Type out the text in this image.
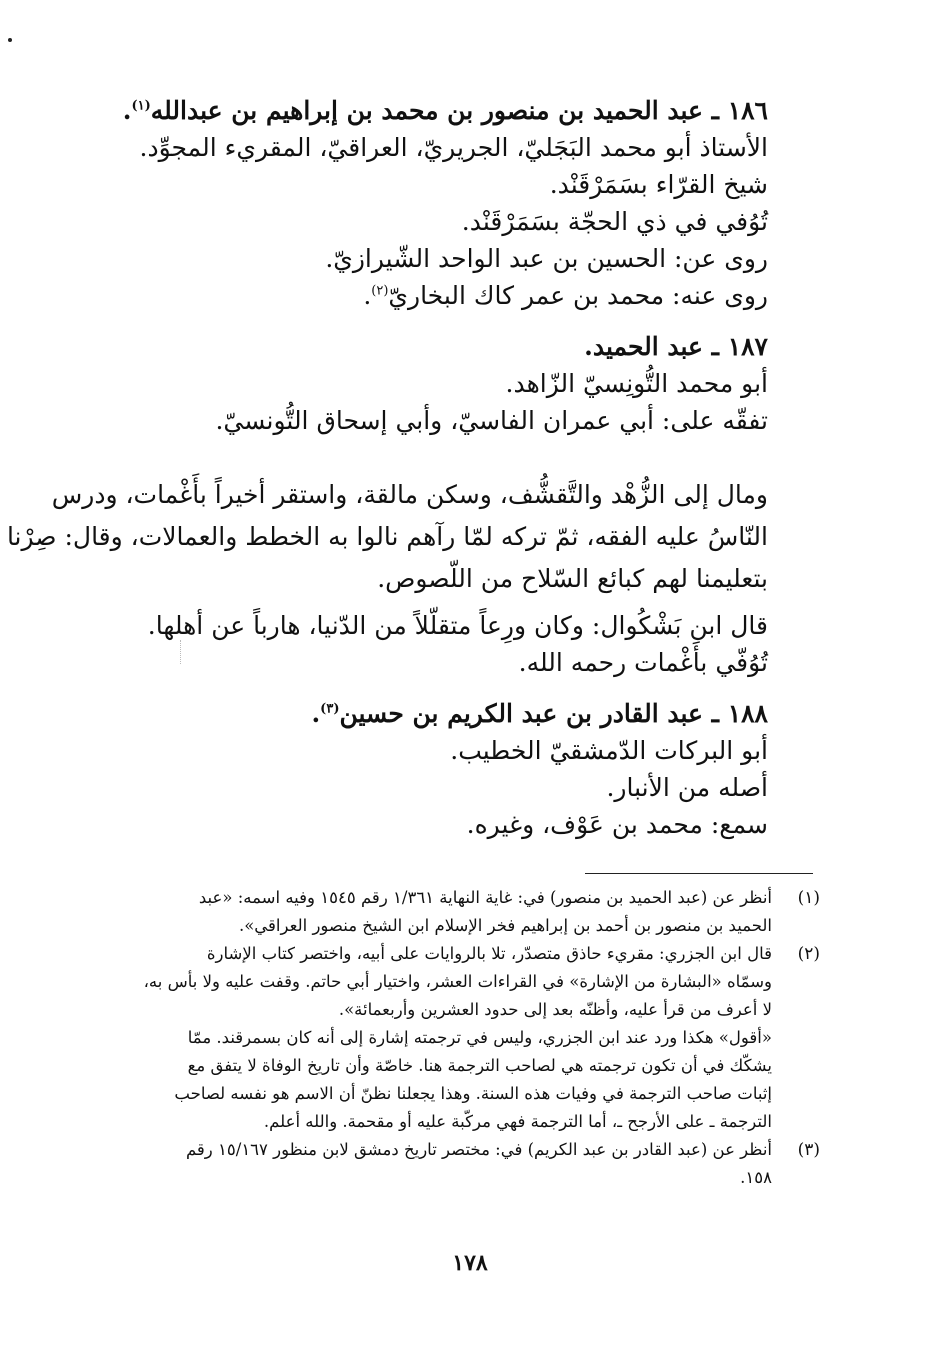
١٨٦ ـ عبد الحميد بن منصور بن محمد بن إبراهيم بن عبدالله$^{(١)}$.
الأستاذ أبو محمد البَجَليّ، الجريريّ، العراقيّ، المقريء المجوِّد.
شيخ القرّاء بسَمَرْقَنْد.
تُوُفي في ذي الحجّة بسَمَرْقَنْد.
روى عن: الحسين بن عبد الواحد الشّيرازيّ.
روى عنه: محمد بن عمر كاك البخاريّ$^{(٢)}$.
١٨٧ ـ عبد الحميد.
أبو محمد التُّونِسيّ الزّاهد.
تفقّه على: أبي عمران الفاسيّ، وأبي إسحاق التُّونسيّ.
ومال إلى الزُّهْد والتَّقشُّف، وسكن مالقة، واستقر أخيراً بأَغْمات، ودرس
النّاسُ عليه الفقه، ثمّ تركه لمّا رآهم نالوا به الخطط والعمالات، وقال: صِرْنا
بتعليمنا لهم كبائع السّلاح من اللّصوص.
قال ابن بَشْكُوال: وكان ورِعاً متقلّلاً من الدّنيا، هارباً عن أهلها.
تُوُفّي بأَغْمات رحمه الله.
١٨٨ ـ عبد القادر بن عبد الكريم بن حسين$^{(٣)}$.
أبو البركات الدّمشقيّ الخطيب.
أصله من الأنبار.
سمع: محمد بن عَوْف، وغيره.
(١)
أنظر عن (عبد الحميد بن منصور) في: غاية النهاية ١/٣٦١ رقم ١٥٤٥ وفيه اسمه: «عبد
الحميد بن منصور بن أحمد بن إبراهيم فخر الإسلام ابن الشيخ منصور العراقي».
(٢)
قال ابن الجزري: مقريء حاذق متصدّر، تلا بالروايات على أبيه، واختصر كتاب الإشارة
وسمّاه «البشارة من الإشارة» في القراءات العشر، واختيار أبي حاتم. وقفت عليه ولا بأس به،
لا أعرف من قرأ عليه، وأظنّه بعد إلى حدود العشرين وأربعمائة».
«أقول» هكذا ورد عند ابن الجزري، وليس في ترجمته إشارة إلى أنه كان بسمرقند. ممّا
يشكّك في أن تكون ترجمته هي لصاحب الترجمة هنا. خاصّة وأن تاريخ الوفاة لا يتفق مع
إثبات صاحب الترجمة في وفيات هذه السنة. وهذا يجعلنا نظنّ أن الاسم هو نفسه لصاحب
الترجمة ـ على الأرجح ـ، أما الترجمة فهي مركّبة عليه أو مقحمة. والله أعلم.
(٣)
أنظر عن (عبد القادر بن عبد الكريم) في: مختصر تاريخ دمشق لابن منظور ١٥/١٦٧ رقم
١٥٨.
١٧٨
